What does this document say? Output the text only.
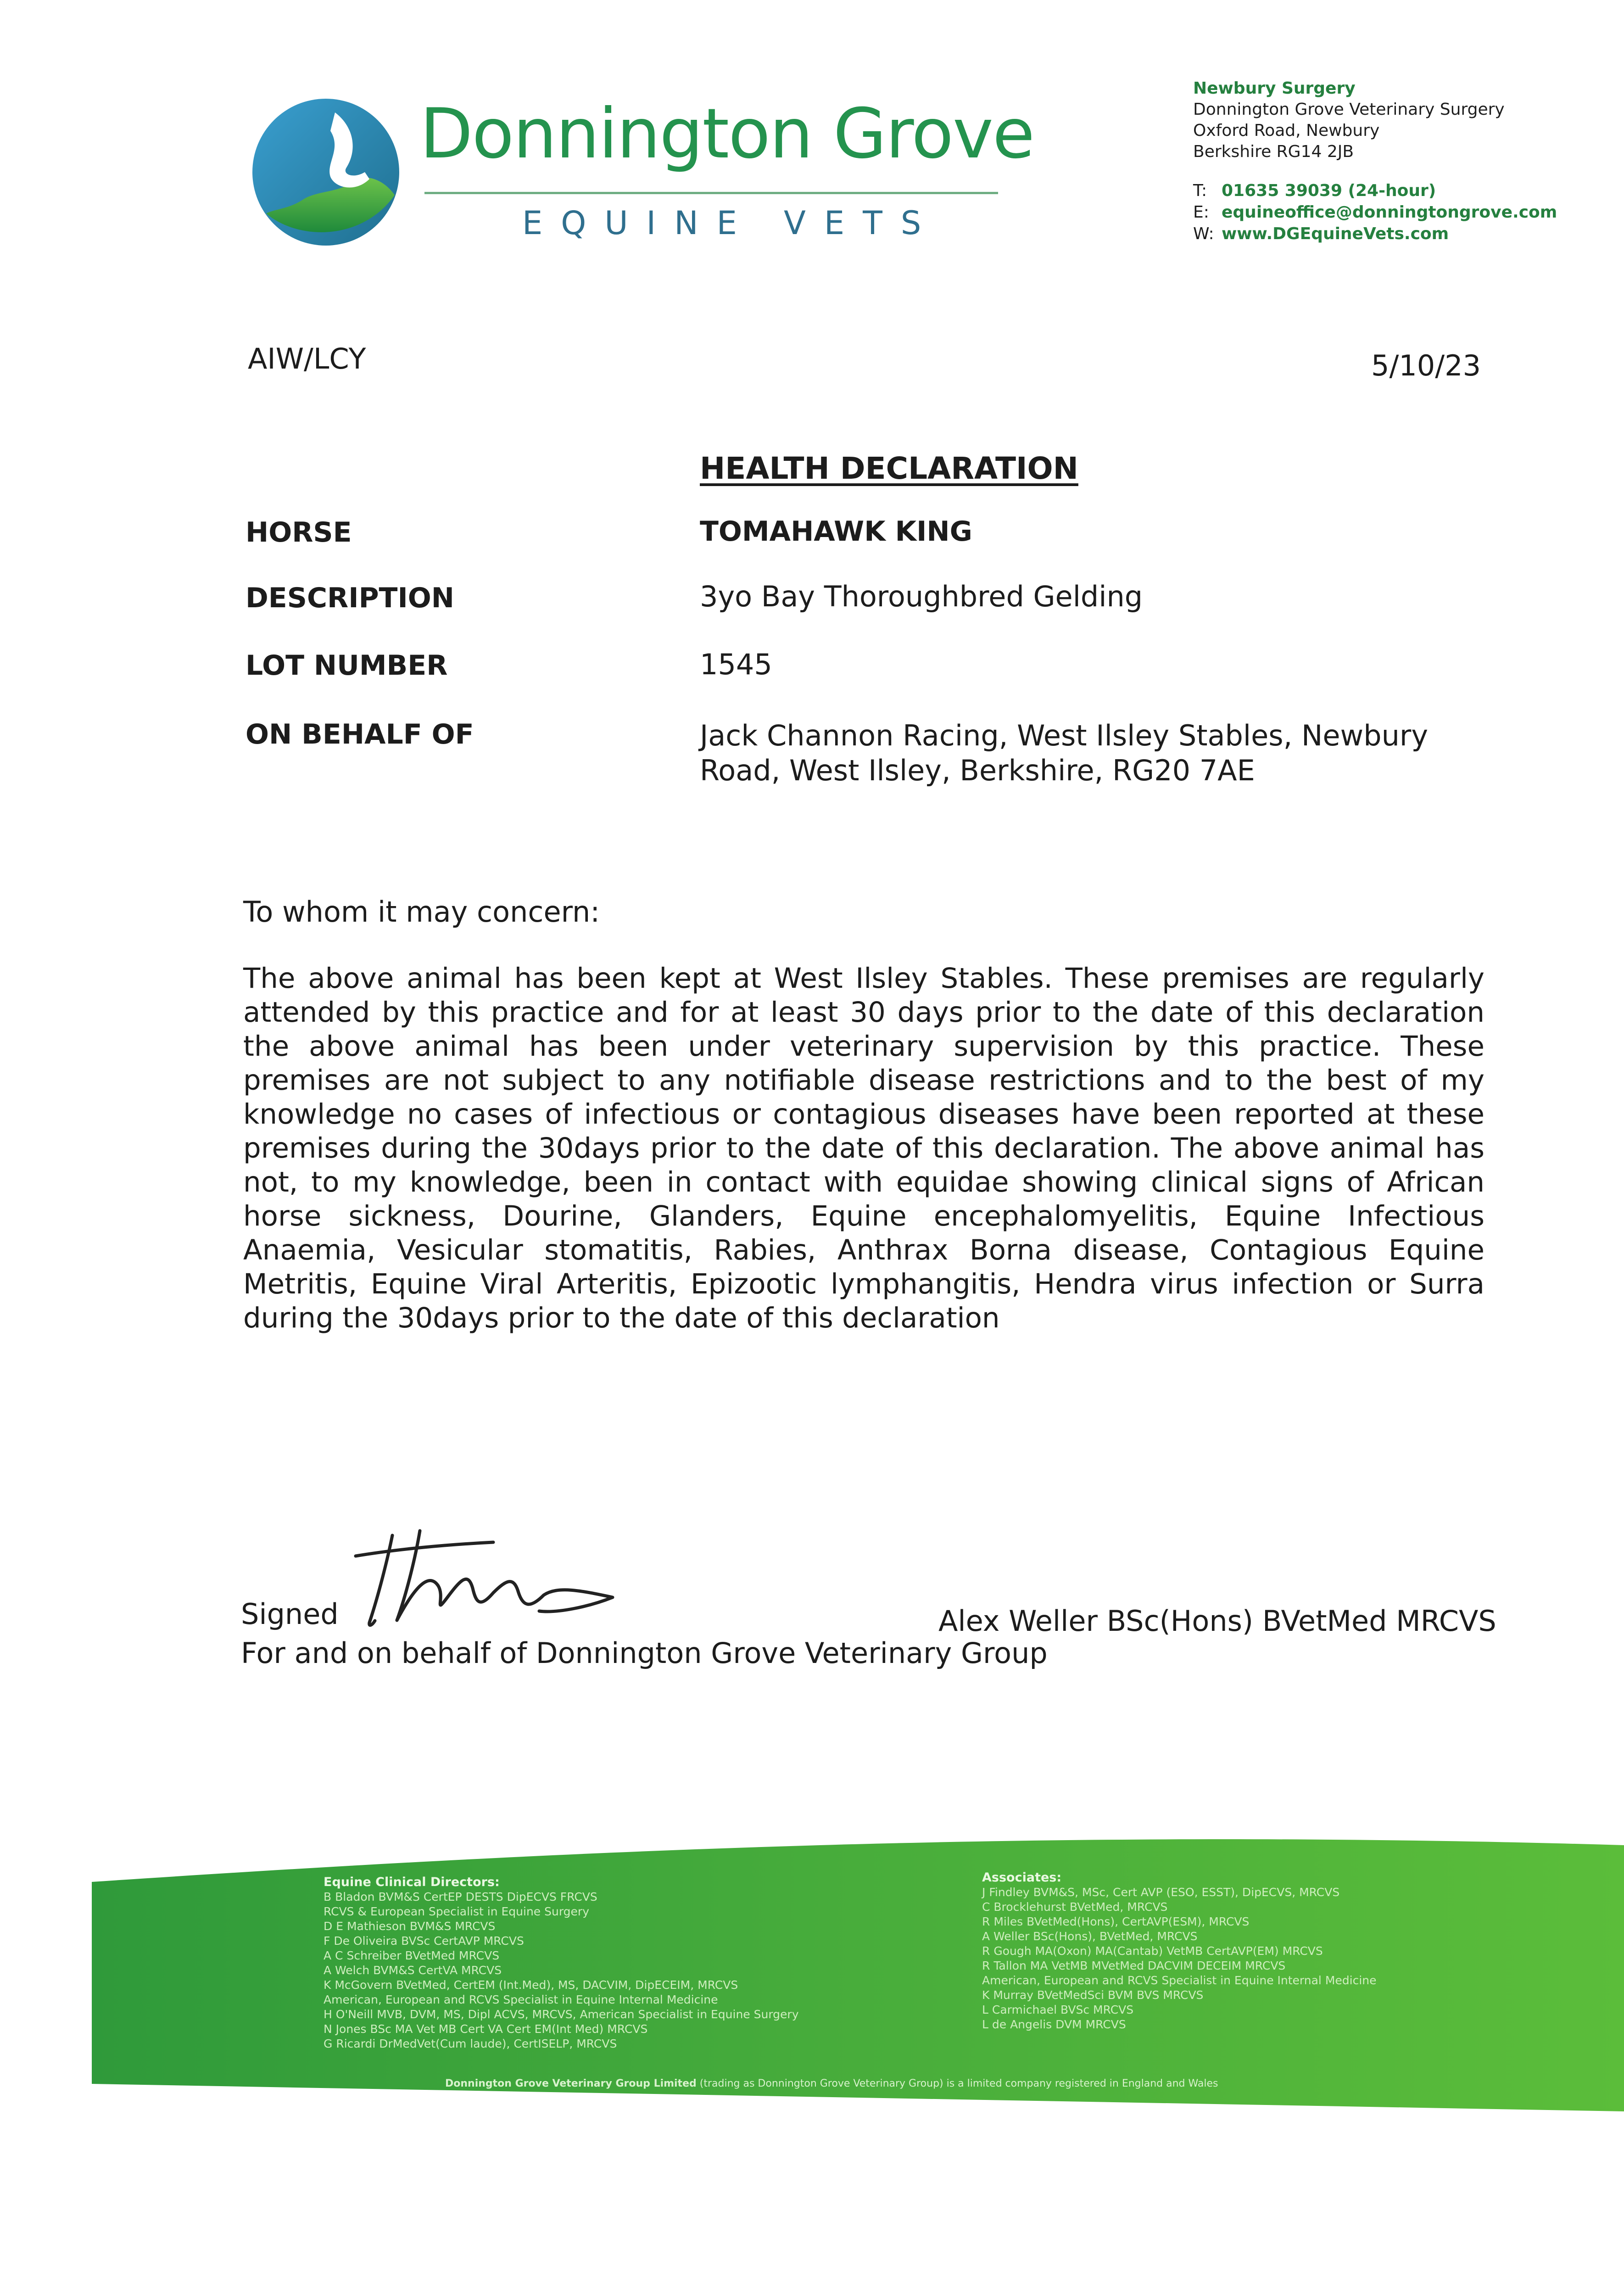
Donnington Grove
EQUINE VETS
Newbury Surgery
Donnington Grove Veterinary Surgery
Oxford Road, Newbury
Berkshire RG14 2JB
T: 01635 39039 (24-hour)
E: equineoffice@donningtongrove.com
W: www.DGEquineVets.com
AIW/LCY	5/10/23
HEALTH DECLARATION
HORSE	TOMAHAWK KING
DESCRIPTION	3yo Bay Thoroughbred Gelding
LOT NUMBER	1545
ON BEHALF OF	Jack Channon Racing, West Ilsley Stables, Newbury
Road, West Ilsley, Berkshire, RG20 7AE
To whom it may concern:
The above animal has been kept at West Ilsley Stables. These premises are regularly attended by this practice and for at least 30 days prior to the date of this declaration the above animal has been under veterinary supervision by this practice. These premises are not subject to any notifiable disease restrictions and to the best of my knowledge no cases of infectious or contagious diseases have been reported at these premises during the 30days prior to the date of this declaration. The above animal has not, to my knowledge, been in contact with equidae showing clinical signs of African horse sickness, Dourine, Glanders, Equine encephalomyelitis, Equine Infectious Anaemia, Vesicular stomatitis, Rabies, Anthrax Borna disease, Contagious Equine Metritis, Equine Viral Arteritis, Epizootic lymphangitis, Hendra virus infection or Surra during the 30days prior to the date of this declaration
Signed	Alex Weller BSc(Hons) BVetMed MRCVS
For and on behalf of Donnington Grove Veterinary Group
Equine Clinical Directors:
B Bladon BVM&S CertEP DESTS DipECVS FRCVS
RCVS & European Specialist in Equine Surgery
D E Mathieson BVM&S MRCVS
F De Oliveira BVSc CertAVP MRCVS
A C Schreiber BVetMed MRCVS
A Welch BVM&S CertVA MRCVS
K McGovern BVetMed, CertEM (Int.Med), MS, DACVIM, DipECEIM, MRCVS
American, European and RCVS Specialist in Equine Internal Medicine
H O'Neill MVB, DVM, MS, Dipl ACVS, MRCVS, American Specialist in Equine Surgery
N Jones BSc MA Vet MB Cert VA Cert EM(Int Med) MRCVS
G Ricardi DrMedVet(Cum laude), CertISELP, MRCVS
Associates:
J Findley BVM&S, MSc, Cert AVP (ESO, ESST), DipECVS, MRCVS
C Brocklehurst BVetMed, MRCVS
R Miles BVetMed(Hons), CertAVP(ESM), MRCVS
A Weller BSc(Hons), BVetMed, MRCVS
R Gough MA(Oxon) MA(Cantab) VetMB CertAVP(EM) MRCVS
R Tallon MA VetMB MVetMed DACVIM DECEIM MRCVS
American, European and RCVS Specialist in Equine Internal Medicine
K Murray BVetMedSci BVM BVS MRCVS
L Carmichael BVSc MRCVS
L de Angelis DVM MRCVS
Donnington Grove Veterinary Group Limited (trading as Donnington Grove Veterinary Group) is a limited company registered in England and Wales
